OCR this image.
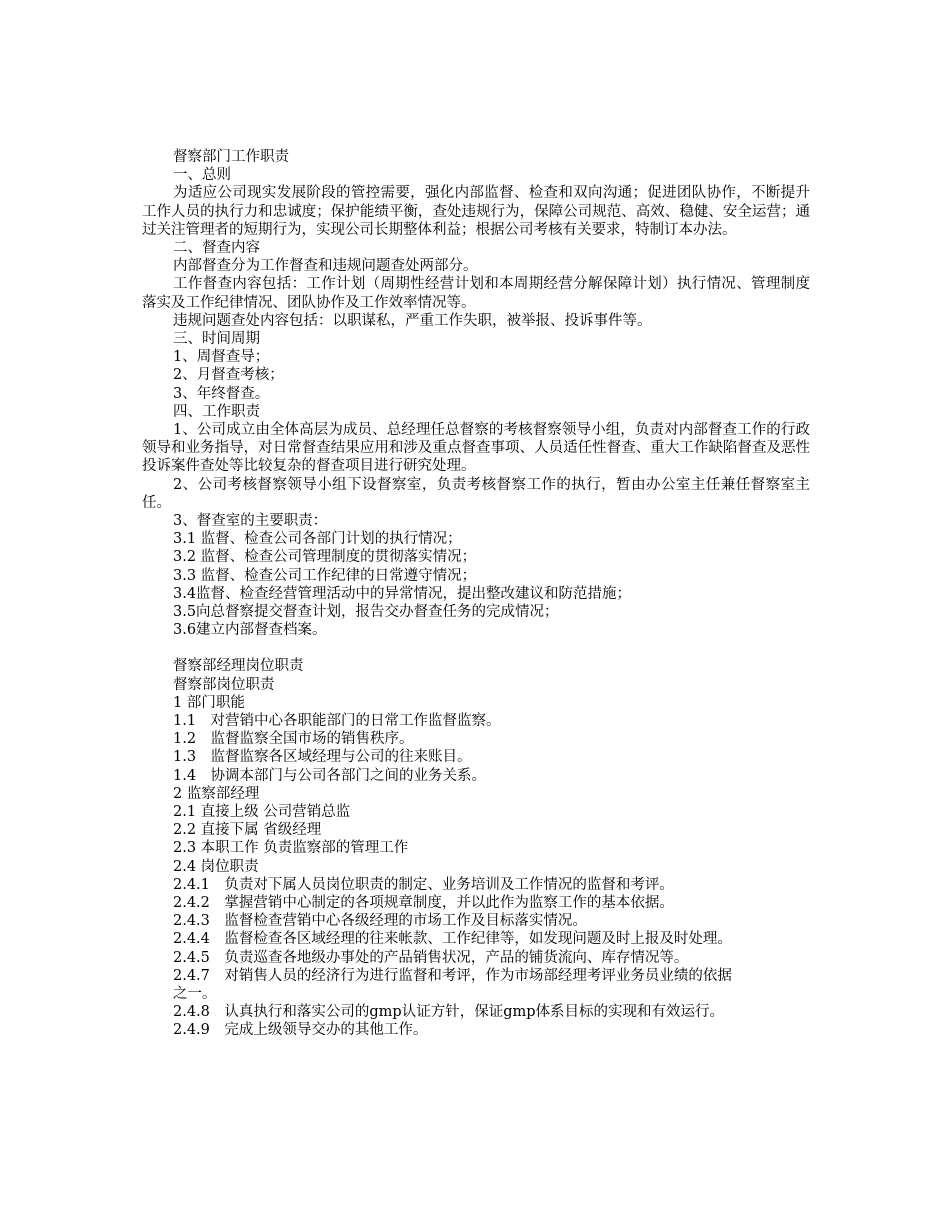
督察部门工作职责
一、总则
为适应公司现实发展阶段的管控需要，强化内部监督、检查和双向沟通；促进团队协作，不断提升工作人员的执行力和忠诚度；保护能绩平衡，查处违规行为，保障公司规范、高效、稳健、安全运营；通过关注管理者的短期行为，实现公司长期整体利益；根据公司考核有关要求，特制订本办法。
二、督查内容
内部督查分为工作督查和违规问题查处两部分。
工作督查内容包括：工作计划（周期性经营计划和本周期经营分解保障计划）执行情况、管理制度落实及工作纪律情况、团队协作及工作效率情况等。
违规问题查处内容包括：以职谋私，严重工作失职，被举报、投诉事件等。
三、时间周期
1、周督查导；
2、月督查考核；
3、年终督查。
四、工作职责
1、公司成立由全体高层为成员、总经理任总督察的考核督察领导小组，负责对内部督查工作的行政领导和业务指导，对日常督查结果应用和涉及重点督查事项、人员适任性督查、重大工作缺陷督查及恶性投诉案件查处等比较复杂的督查项目进行研究处理。
2、公司考核督察领导小组下设督察室，负责考核督察工作的执行，暂由办公室主任兼任督察室主任。
3、督查室的主要职责：
3.1 监督、检查公司各部门计划的执行情况；
3.2 监督、检查公司管理制度的贯彻落实情况；
3.3 监督、检查公司工作纪律的日常遵守情况；
3.4监督、检查经营管理活动中的异常情况，提出整改建议和防范措施；
3.5向总督察提交督查计划，报告交办督查任务的完成情况；
3.6建立内部督查档案。
督察部经理岗位职责
督察部岗位职责
1 部门职能
1.1　对营销中心各职能部门的日常工作监督监察。
1.2　监督监察全国市场的销售秩序。
1.3　监督监察各区域经理与公司的往来账目。
1.4　协调本部门与公司各部门之间的业务关系。
2 监察部经理
2.1 直接上级 公司营销总监
2.2 直接下属 省级经理
2.3 本职工作 负责监察部的管理工作
2.4 岗位职责
2.4.1　负责对下属人员岗位职责的制定、业务培训及工作情况的监督和考评。
2.4.2　掌握营销中心制定的各项规章制度，并以此作为监察工作的基本依据。
2.4.3　监督检查营销中心各级经理的市场工作及目标落实情况。
2.4.4　监督检查各区域经理的往来帐款、工作纪律等，如发现问题及时上报及时处理。
2.4.5　负责巡查各地级办事处的产品销售状况，产品的铺货流向、库存情况等。
2.4.7　对销售人员的经济行为进行监督和考评，作为市场部经理考评业务员业绩的依据之一。
2.4.8　认真执行和落实公司的gmp认证方针，保证gmp体系目标的实现和有效运行。
2.4.9　完成上级领导交办的其他工作。
